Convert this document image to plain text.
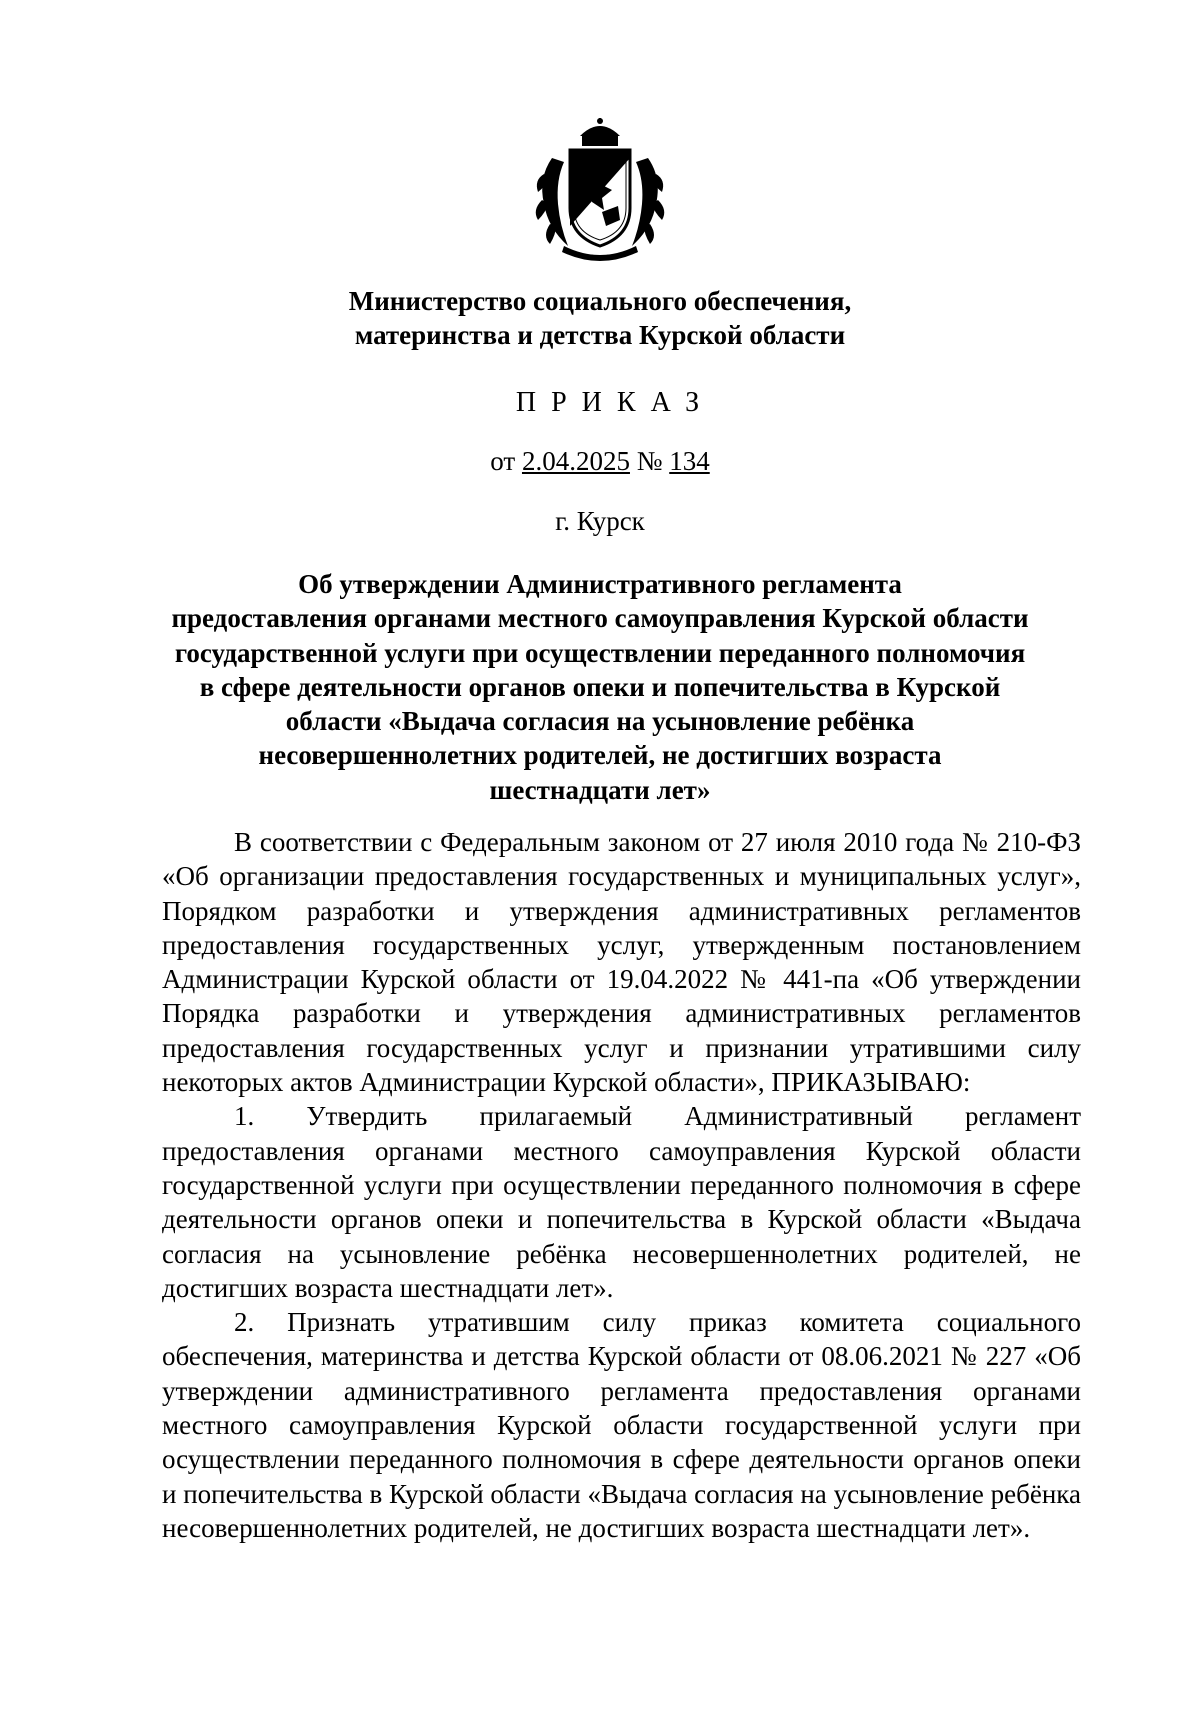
Министерство социального обеспечения,
материнства и детства Курской области
ПРИКАЗ
от 2.04.2025 № 134
г. Курск
Об утверждении Административного регламента
предоставления органами местного самоуправления Курской области
государственной услуги при осуществлении переданного полномочия
в сфере деятельности органов опеки и попечительства в Курской
области «Выдача согласия на усыновление ребёнка
несовершеннолетних родителей, не достигших возраста
шестнадцати лет»

В соответствии с Федеральным законом от 27 июля 2010 года № 210-ФЗ «Об организации предоставления государственных и муниципальных услуг», Порядком разработки и утверждения административных регламентов предоставления государственных услуг, утвержденным постановлением Администрации Курской области от 19.04.2022 № 441-па «Об утверждении Порядка разработки и утверждения административных регламентов предоставления государственных услуг и признании утратившими силу некоторых актов Администрации Курской области», ПРИКАЗЫВАЮ:

1. Утвердить прилагаемый Административный регламент предоставления органами местного самоуправления Курской области государственной услуги при осуществлении переданного полномочия в сфере деятельности органов опеки и попечительства в Курской области «Выдача согласия на усыновление ребёнка несовершеннолетних родителей, не достигших возраста шестнадцати лет».

2. Признать утратившим силу приказ комитета социального обеспечения, материнства и детства Курской области от 08.06.2021 № 227 «Об утверждении административного регламента предоставления органами местного самоуправления Курской области государственной услуги при осуществлении переданного полномочия в сфере деятельности органов опеки и попечительства в Курской области «Выдача согласия на усыновление ребёнка несовершеннолетних родителей, не достигших возраста шестнадцати лет».
